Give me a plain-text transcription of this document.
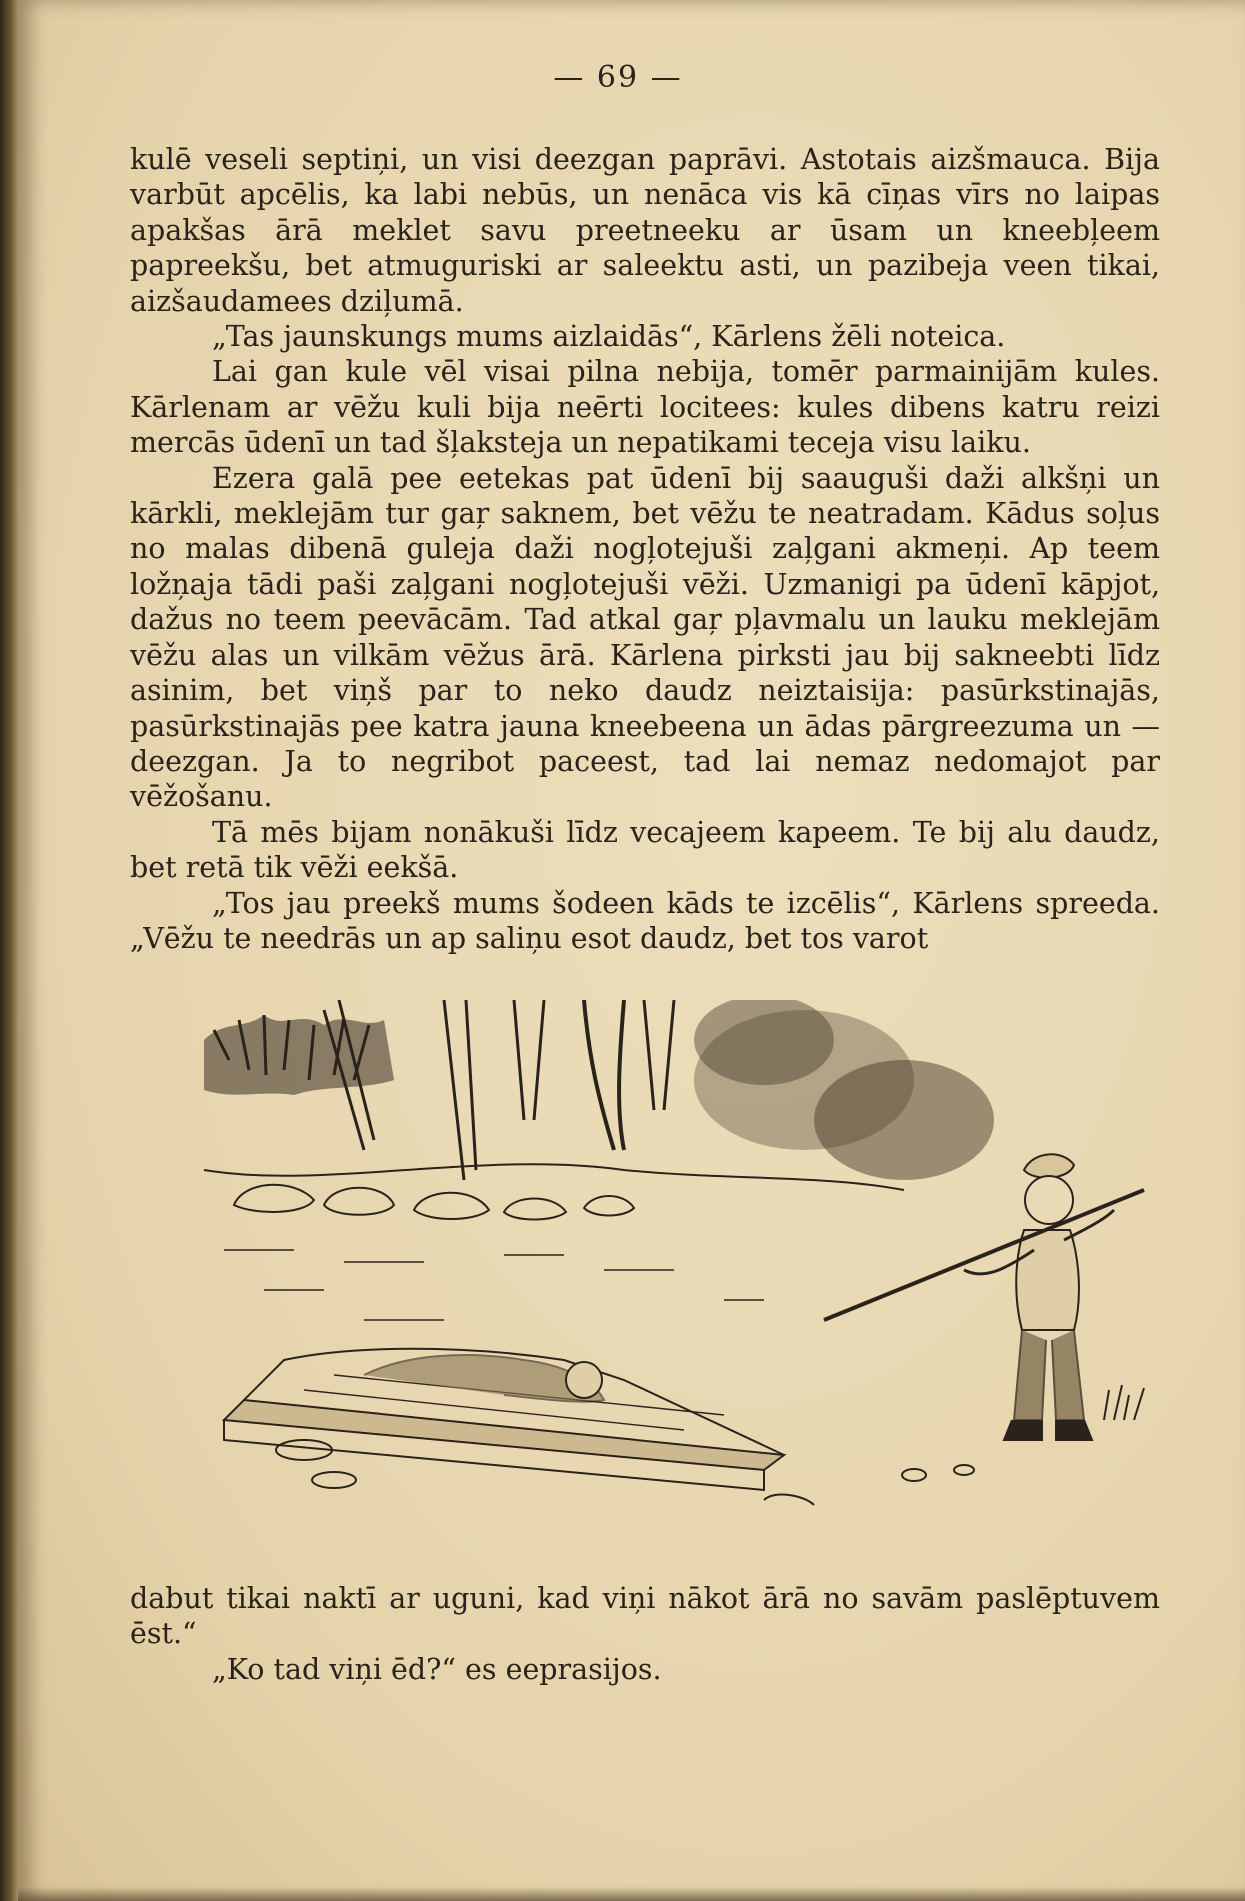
— 69 —

kulē veseli septiņi, un visi deezgan paprāvi. Astotais aizšmauca. Bija varbūt apcēlis, ka labi nebūs, un nenāca vis kā cīņas vīrs no laipas apakšas ārā meklet savu preetneeku ar ūsam un kneebļeem papreekšu, bet atmuguriski ar saleektu asti, un pazibeja veen tikai, aizšaudamees dziļumā.

„Tas jaunskungs mums aizlaidās“, Kārlens žēli noteica.

Lai gan kule vēl visai pilna nebija, tomēr parmainijām kules. Kārlenam ar vēžu kuli bija neērti locitees: kules dibens katru reizi mercās ūdenī un tad šļaksteja un nepatikami teceja visu laiku.

Ezera galā pee eetekas pat ūdenī bij saauguši daži alkšņi un kārkli, meklejām tur gaŗ saknem, bet vēžu te neatradam. Kādus soļus no malas dibenā guleja daži nogļotejuši zaļgani akmeņi. Ap teem ložņaja tādi paši zaļgani nogļotejuši vēži. Uzmanigi pa ūdenī kāpjot, dažus no teem peevācām. Tad atkal gaŗ pļavmalu un lauku meklejām vēžu alas un vilkām vēžus ārā. Kārlena pirksti jau bij sakneebti līdz asinim, bet viņš par to neko daudz neiztaisija: pasūrkstinajās, pasūrkstinajās pee katra jauna kneebeena un ādas pārgreezuma un — deezgan. Ja to negribot paceest, tad lai nemaz nedomajot par vēžošanu.

Tā mēs bijam nonākuši līdz vecajeem kapeem. Te bij alu daudz, bet retā tik vēži eekšā.

„Tos jau preekš mums šodeen kāds te izcēlis“, Kārlens spreeda. „Vēžu te needrās un ap saliņu esot daudz, bet tos varot

dabut tikai naktī ar uguni, kad viņi nākot ārā no savām paslēptuvem ēst.“

„Ko tad viņi ēd?“ es eeprasijos.
